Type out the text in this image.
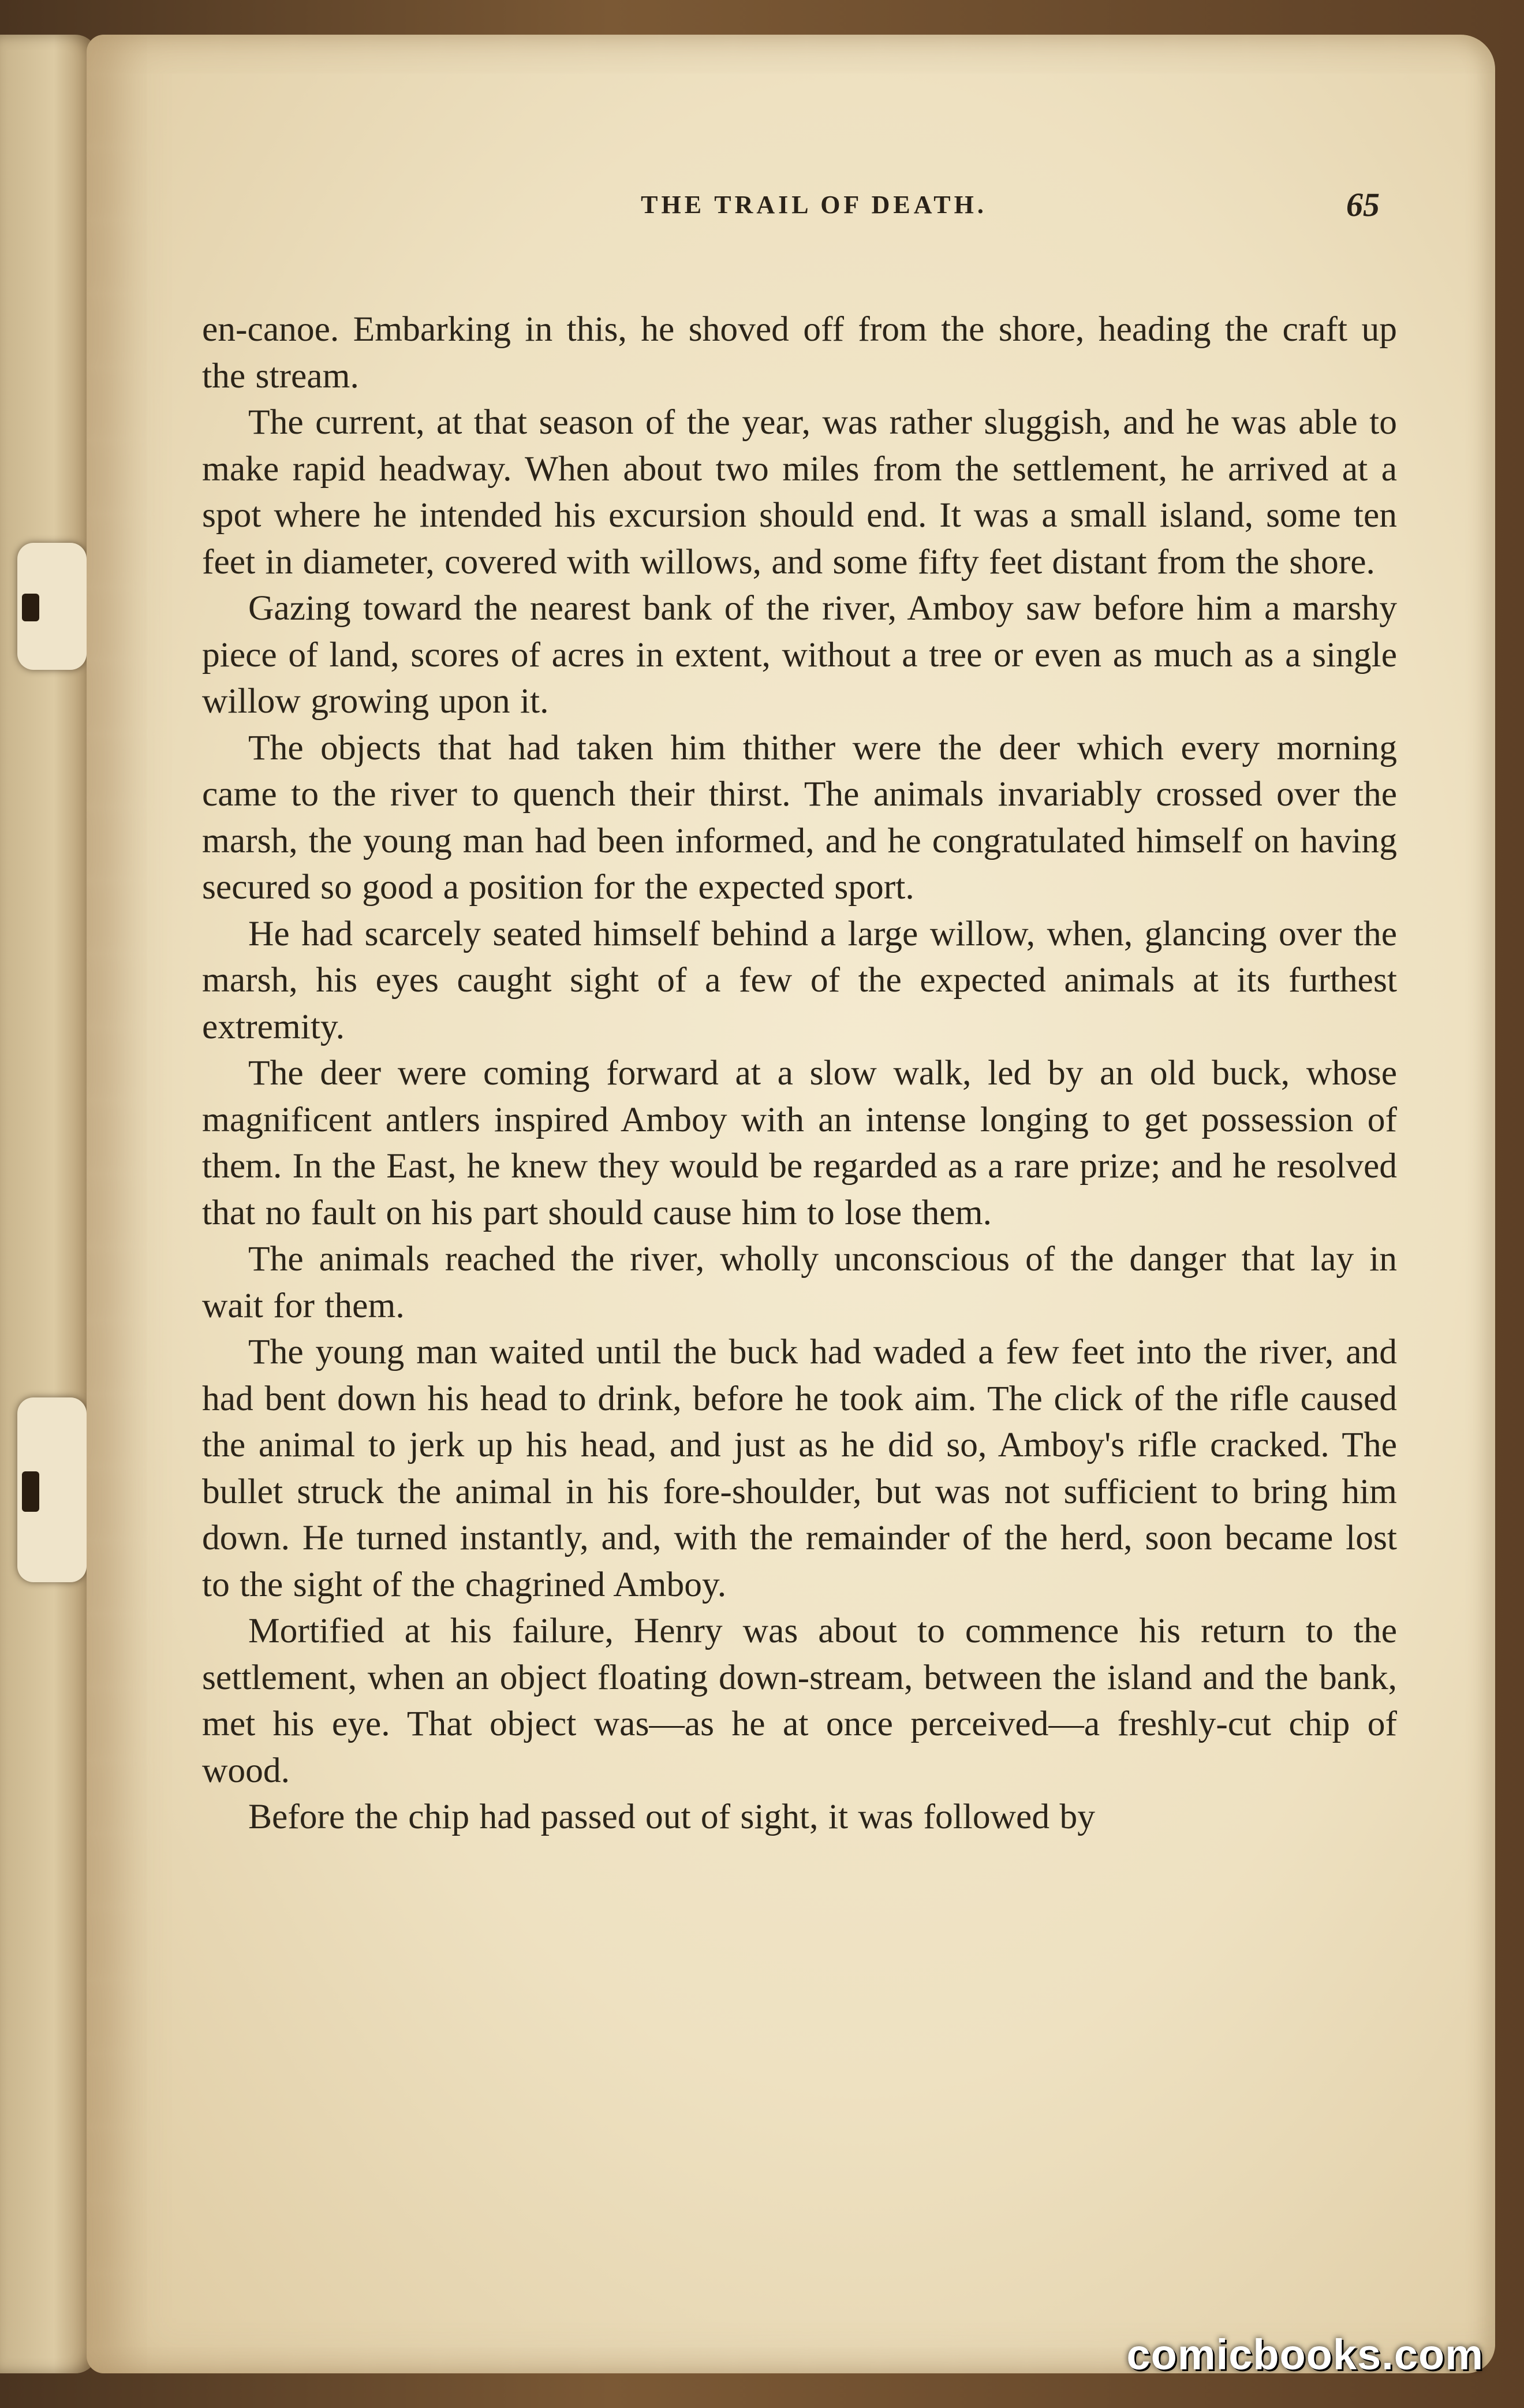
THE TRAIL OF DEATH.	65

en-canoe. Embarking in this, he shoved off from the shore, heading the craft up the stream.

The current, at that season of the year, was rather sluggish, and he was able to make rapid headway. When about two miles from the settlement, he arrived at a spot where he intended his excursion should end. It was a small island, some ten feet in diameter, covered with willows, and some fifty feet distant from the shore.

Gazing toward the nearest bank of the river, Amboy saw before him a marshy piece of land, scores of acres in extent, without a tree or even as much as a single willow growing upon it.

The objects that had taken him thither were the deer which every morning came to the river to quench their thirst. The animals invariably crossed over the marsh, the young man had been informed, and he congratulated himself on having secured so good a position for the expected sport.

He had scarcely seated himself behind a large willow, when, glancing over the marsh, his eyes caught sight of a few of the expected animals at its furthest extremity.

The deer were coming forward at a slow walk, led by an old buck, whose magnificent antlers inspired Amboy with an intense longing to get possession of them. In the East, he knew they would be regarded as a rare prize; and he resolved that no fault on his part should cause him to lose them.

The animals reached the river, wholly unconscious of the danger that lay in wait for them.

The young man waited until the buck had waded a few feet into the river, and had bent down his head to drink, before he took aim. The click of the rifle caused the animal to jerk up his head, and just as he did so, Amboy's rifle cracked. The bullet struck the animal in his fore-shoulder, but was not sufficient to bring him down. He turned instantly, and, with the remainder of the herd, soon became lost to the sight of the chagrined Amboy.

Mortified at his failure, Henry was about to commence his return to the settlement, when an object floating down-stream, between the island and the bank, met his eye. That object was—as he at once perceived—a freshly-cut chip of wood.

Before the chip had passed out of sight, it was followed by

comicbooks.com
